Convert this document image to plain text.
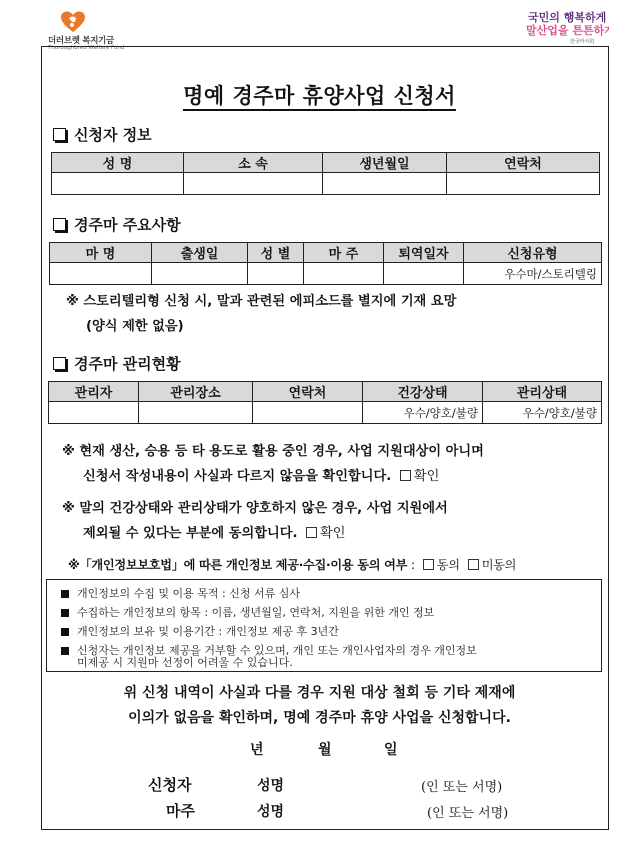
더러브렛 복지기금
Thoroughbred Welfare Fund
국민의 행복하게
말산업을 튼튼하게
한국마사회
명예 경주마 휴양사업 신청서
신청자 정보
성 명	소 속	생년월일	연락처

경주마 주요사항
마 명	출생일	성 별	마 주	퇴역일자	신청유형
					우수마/스토리텔링
※ 스토리텔리형 신청 시, 말과 관련된 에피소드를 별지에 기재 요망
(양식 제한 없음)
경주마 관리현황
관리자	관리장소	연락처	건강상태	관리상태
			우수/양호/불량	우수/양호/불량
※ 현재 생산, 승용 등 타 용도로 활용 중인 경우, 사업 지원대상이 아니며
신청서 작성내용이 사실과 다르지 않음을 확인합니다. 확인
※ 말의 건강상태와 관리상태가 양호하지 않은 경우, 사업 지원에서
제외될 수 있다는 부분에 동의합니다. 확인
※「개인정보보호법」에 따른 개인정보 제공·수집·이용 동의 여부 : 동의 미동의
개인정보의 수집 및 이용 목적 : 신청 서류 심사
수집하는 개인정보의 항목 : 이름, 생년월일, 연락처, 지원을 위한 개인 정보
개인정보의 보유 및 이용기간 : 개인정보 제공 후 3년간
신청자는 개인정보 제공을 거부할 수 있으며, 개인 또는 개인사업자의 경우 개인정보
미제공 시 지원마 선정이 어려울 수 있습니다.
위 신청 내역이 사실과 다를 경우 지원 대상 철회 등 기타 제재에
이의가 없음을 확인하며, 명예 경주마 휴양 사업을 신청합니다.
년	월	일
신청자	성명	(인 또는 서명)
마주	성명	(인 또는 서명)
